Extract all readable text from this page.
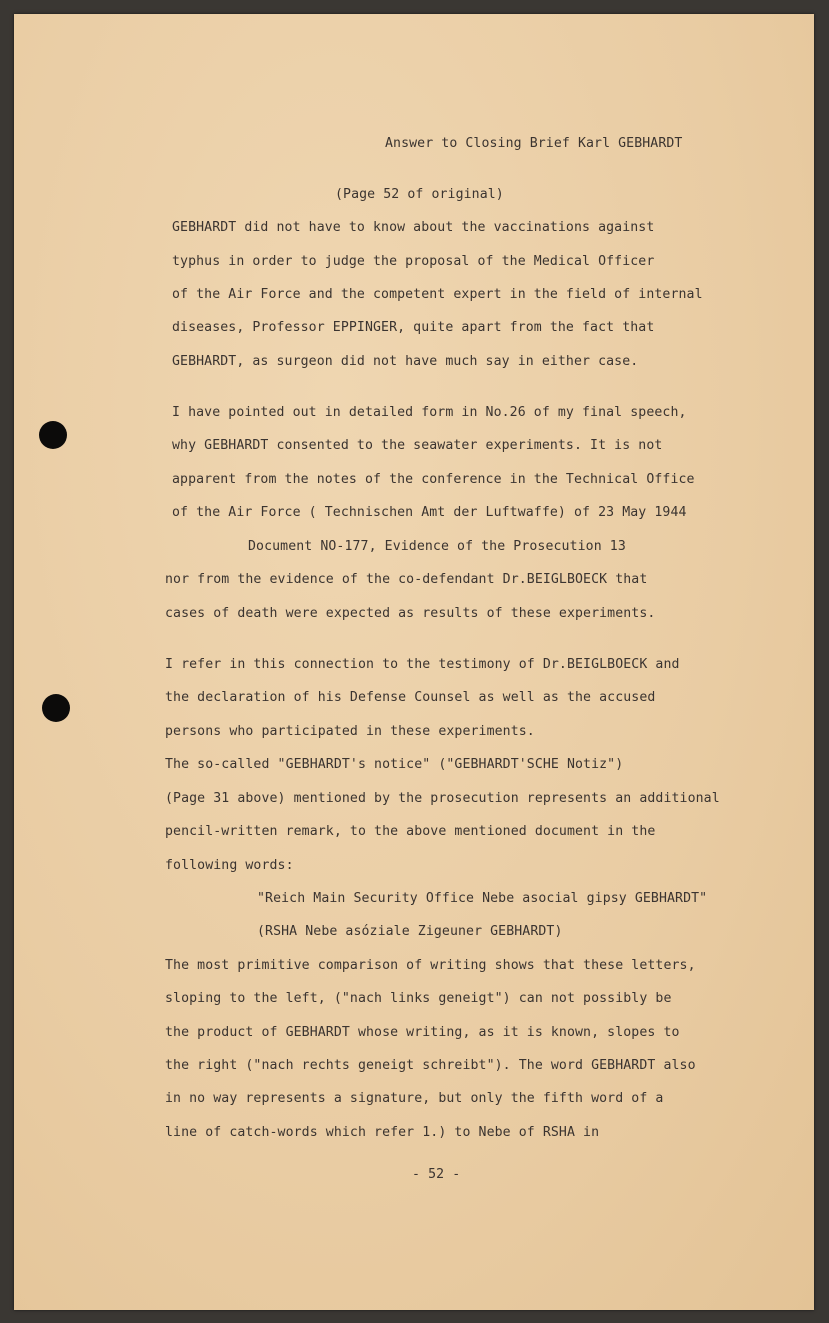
Answer to Closing Brief Karl GEBHARDT
(Page 52 of original)
GEBHARDT did not have to know about the vaccinations against
typhus in order to judge the proposal of the Medical Officer
of the Air Force and the competent expert in the field of internal
diseases, Professor EPPINGER, quite apart from the fact that
GEBHARDT, as surgeon did not have much say in either case.
I have pointed out in detailed form in No.26 of my final speech,
why GEBHARDT consented to the seawater experiments. It is not
apparent from the notes of the conference in the Technical Office
of the Air Force ( Technischen Amt der Luftwaffe) of 23 May 1944
Document NO-177, Evidence of the Prosecution 13
nor from the evidence of the co-defendant Dr.BEIGLBOECK that
cases of death were expected as results of these experiments.
I refer in this connection to the testimony of Dr.BEIGLBOECK and
the declaration of his Defense Counsel as well as the accused
persons who participated in these experiments.
The so-called "GEBHARDT's notice" ("GEBHARDT'SCHE Notiz")
(Page 31 above) mentioned by the prosecution represents an additional
pencil-written remark, to the above mentioned document in the
following words:
"Reich Main Security Office Nebe asocial gipsy GEBHARDT"
(RSHA Nebe asóziale Zigeuner GEBHARDT)
The most primitive comparison of writing shows that these letters,
sloping to the left, ("nach links geneigt") can not possibly be
the product of GEBHARDT whose writing, as it is known, slopes to
the right ("nach rechts geneigt schreibt"). The word GEBHARDT also
in no way represents a signature, but only the fifth word of a
line of catch-words which refer 1.) to Nebe of RSHA in
- 52 -
